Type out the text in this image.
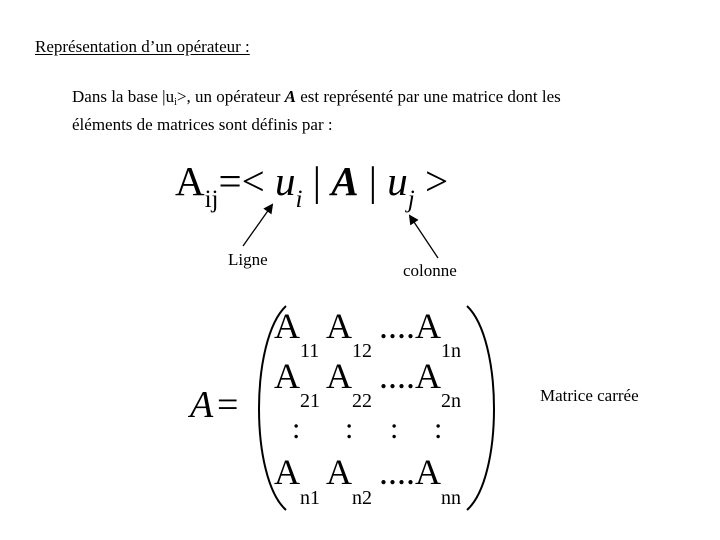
Représentation d’un opérateur :
Dans la base $|u_i>$, un opérateur A est représenté par une matrice dont les
éléments de matrices sont définis par :
$A_{ij}=< u_i$ | A | $u_j$ >
Ligne
colonne
Matrice carrée
A =
A
11
A
12
.... A
1n
A
21
A
22
.... A
2n
: : : :
A
n1
A
n2
.... A
nn
